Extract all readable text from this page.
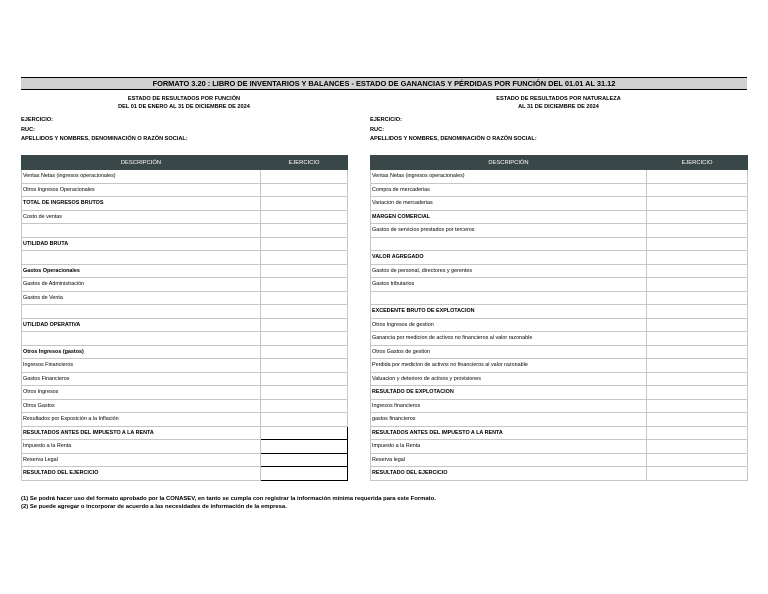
FORMATO 3.20 : LIBRO DE INVENTARIOS Y BALANCES - ESTADO DE GANANCIAS Y PÉRDIDAS POR FUNCIÓN DEL 01.01 AL 31.12
ESTADO DE RESULTADOS POR FUNCIÓN
DEL 01 DE ENERO AL 31 DE DICIEMBRE DE 2024
EJERCICIO:
RUC:
APELLIDOS Y NOMBRES, DENOMINACIÓN O RAZÓN SOCIAL:
DESCRIPCIÓN	EJERCICIO
Ventas Netas (ingresos operacionales)	
Otros Ingresos Operacionales	
TOTAL DE INGRESOS BRUTOS	
Costo de ventas	

UTILIDAD BRUTA	

Gastos Operacionales	
Gastos de Administración	
Gastos de Venta	

UTILIDAD OPERATIVA	

Otros Ingresos (gastos)	
Ingresos Financieros	
Gastos Financieros	
Otros Ingresos	
Otros Gastos	
Resultados por Exposición a la Inflación	
RESULTADOS ANTES DEL IMPUESTO A LA RENTA	
Impuesto a la Renta	
Reserva Legal	
RESULTADO DEL EJERCICIO	
ESTADO DE RESULTADOS POR NATURALEZA
AL 31 DE DICIEMBRE DE 2024
EJERCICIO:
RUC:
APELLIDOS Y NOMBRES, DENOMINACIÓN O RAZÓN SOCIAL:
DESCRIPCIÓN	EJERCICIO
Ventas Netas (ingresos operacionales)	
Compra de mercaderias	
Variacion de mercaderias	
MARGEN COMERCIAL	
Gastos de servicios prestados por terceros	

VALOR AGREGADO	
Gastos de personal, directores y gerentes	
Gastos tributarios	

EXCEDENTE BRUTO DE EXPLOTACION	
Otros Ingresos de gestion	
Ganancia por medicion de activos no financieros al valor razonable	
Otros Gastos de gestion	
Perdida por medicion de activos no financieros al valor razonable	
Valuacion y deterioro de activos y provisiones	
RESULTADO DE EXPLOTACION	
Ingresos financieros	
gastos financieros	
RESULTADOS ANTES DEL IMPUESTO A LA RENTA	
Impuesto a la Renta	
Reserva legal	
RESULTADO DEL EJERCICIO	
(1) Se podrá hacer uso del formato aprobado por la CONASEV, en tanto se cumpla con registrar la información mínima requerida para este Formato.
(2) Se puede agregar o incorporar de acuerdo a las necesidades de información de la empresa.
